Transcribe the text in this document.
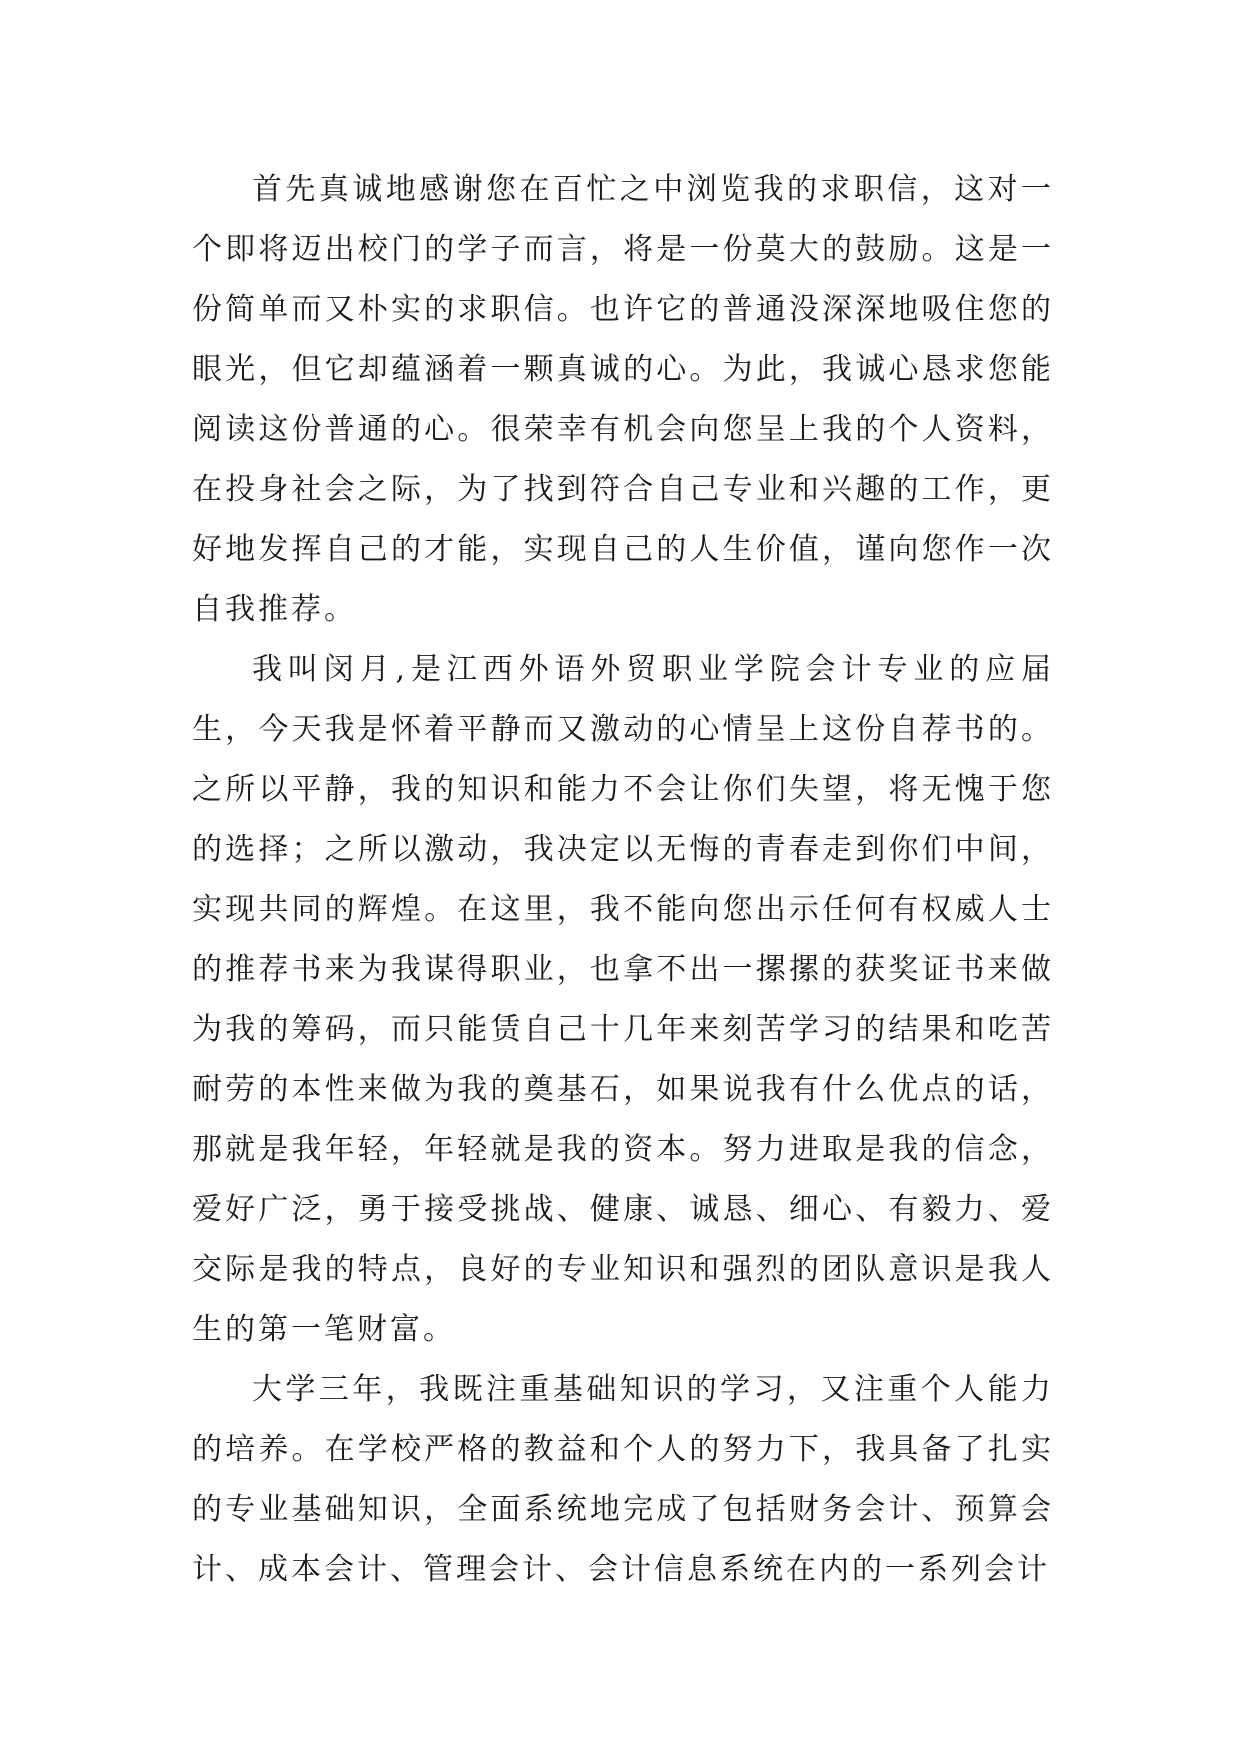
首先真诚地感谢您在百忙之中浏览我的求职信，这对一个即将迈出校门的学子而言，将是一份莫大的鼓励。这是一份简单而又朴实的求职信。也许它的普通没深深地吸住您的眼光，但它却蕴涵着一颗真诚的心。为此，我诚心恳求您能阅读这份普通的心。很荣幸有机会向您呈上我的个人资料，在投身社会之际，为了找到符合自己专业和兴趣的工作，更好地发挥自己的才能，实现自己的人生价值，谨向您作一次自我推荐。

我叫闵月,是江西外语外贸职业学院会计专业的应届生，今天我是怀着平静而又激动的心情呈上这份自荐书的。之所以平静，我的知识和能力不会让你们失望，将无愧于您的选择；之所以激动，我决定以无悔的青春走到你们中间，实现共同的辉煌。在这里，我不能向您出示任何有权威人士的推荐书来为我谋得职业，也拿不出一摞摞的获奖证书来做为我的筹码，而只能赁自己十几年来刻苦学习的结果和吃苦耐劳的本性来做为我的奠基石，如果说我有什么优点的话，那就是我年轻，年轻就是我的资本。努力进取是我的信念，爱好广泛，勇于接受挑战、健康、诚恳、细心、有毅力、爱交际是我的特点，良好的专业知识和强烈的团队意识是我人生的第一笔财富。

大学三年，我既注重基础知识的学习，又注重个人能力的培养。在学校严格的教益和个人的努力下，我具备了扎实的专业基础知识，全面系统地完成了包括财务会计、预算会计、成本会计、管理会计、会计信息系统在内的一系列会计
